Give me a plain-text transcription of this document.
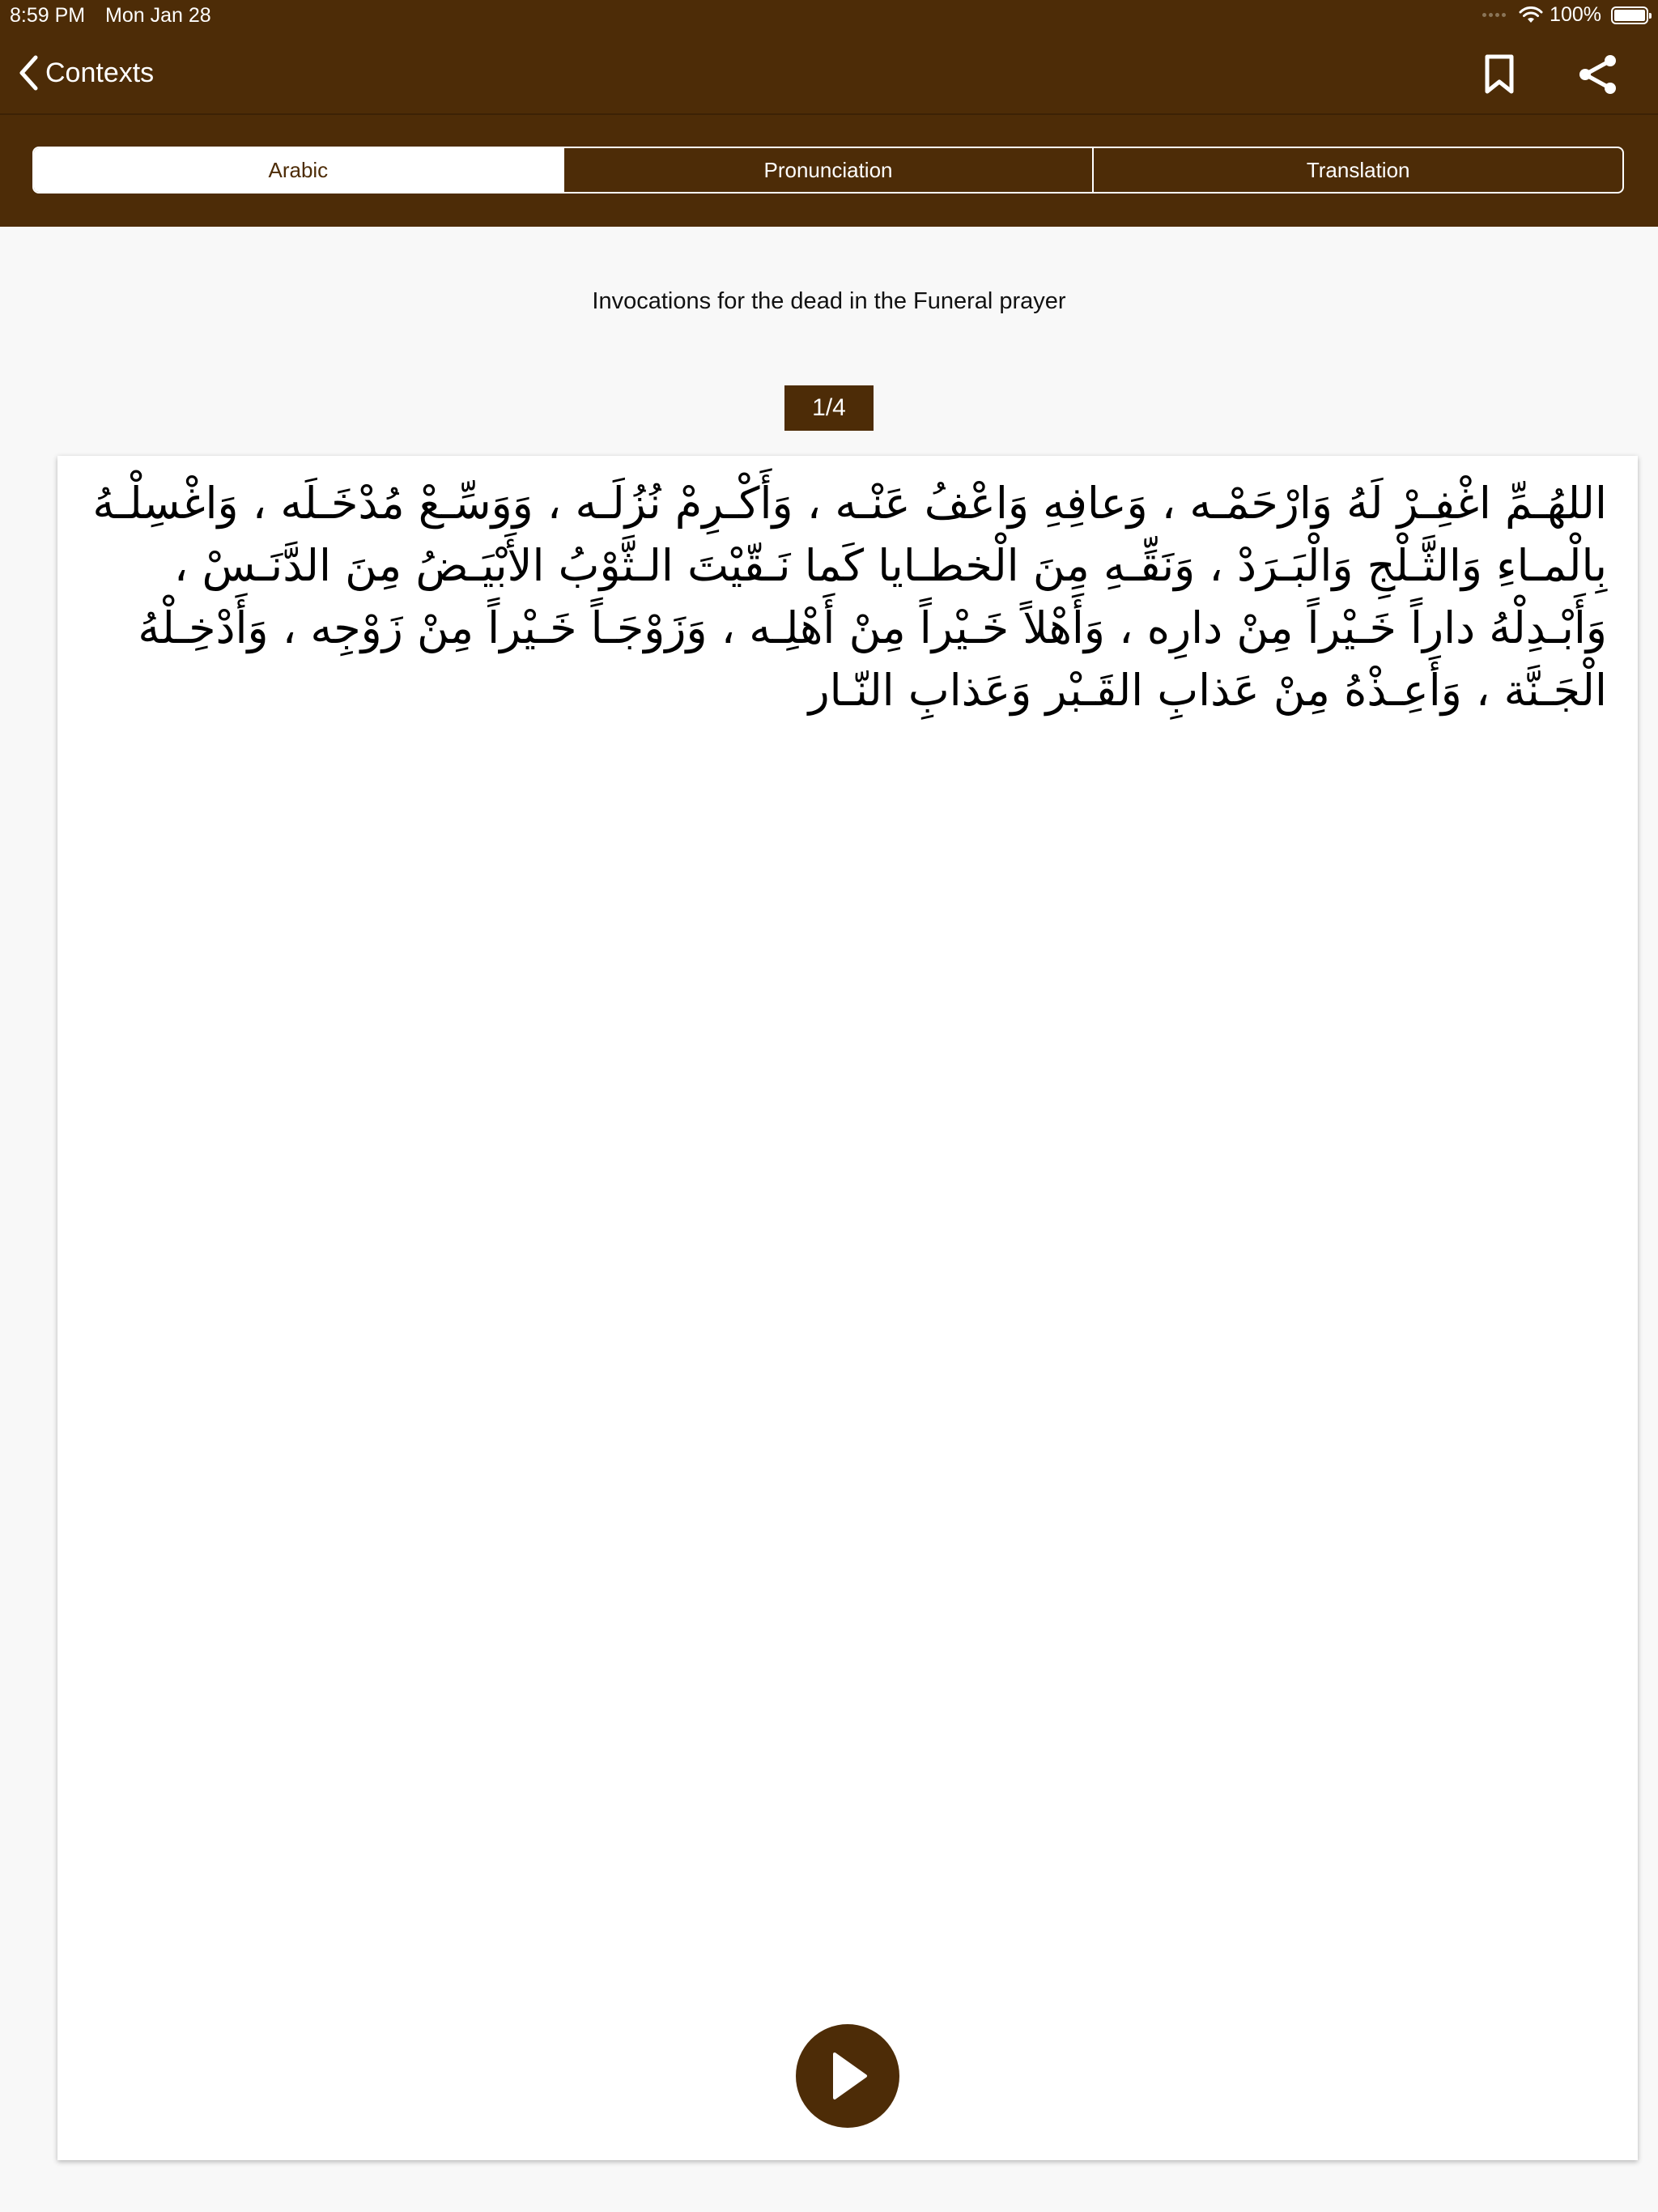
8:59 PM Mon Jan 28	100%
Contexts
Arabic	Pronunciation	Translation
Invocations for the dead in the Funeral prayer
1/4
اللهُـمِّ اغْفِـرْ لَهُ وَارْحَمْـه ، وَعافِهِ وَاعْفُ عَنْـه ، وَأَكْـرِمْ نُزُلَـه ، وَوَسِّـعْ مُدْخَـلَه ، وَاغْسِلْـهُ بِالْمـاءِ وَالثَّـلْجِ وَالْبَـرَدْ ، وَنَقِّـهِ مِنَ الْخطـايا كَما نَـقّيْتَ الـثَّوْبُ الأَبْيَـضُ مِنَ الدَّنَـسْ ، وَأَبْـدِلْهُ داراً خَـيْراً مِنْ دارِه ، وَأَهْلاً خَـيْراً مِنْ أَهْلِـه ، وَزَوْجَـاً خَـيْراً مِنْ زَوْجِه ، وَأَدْخِـلْهُ الْجَـنَّة ، وَأَعِـذْهُ مِنْ عَذابِ القَـبْر وَعَذابِ النّـار
